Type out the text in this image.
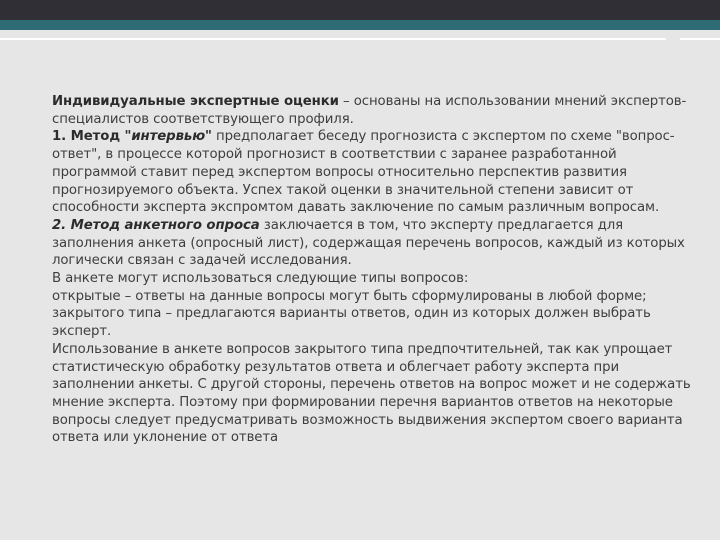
Индивидуальные экспертные оценки – основаны на использовании мнений экспертов-специалистов соответствующего профиля.

1. Метод "интервью" предполагает беседу прогнозиста с экспертом по схеме "вопрос-ответ", в процессе которой прогнозист в соответствии с заранее разработанной программой ставит перед экспертом вопросы относительно перспектив развития прогнозируемого объекта. Успех такой оценки в значительной степени зависит от способности эксперта экспромтом давать заключение по самым различным вопросам.

2. Метод анкетного опроса заключается в том, что эксперту предлагается для заполнения анкета (опросный лист), содержащая перечень вопросов, каждый из которых логически связан с задачей исследования.

В анкете могут использоваться следующие типы вопросов:

открытые – ответы на данные вопросы могут быть сформулированы в любой форме;

закрытого типа – предлагаются варианты ответов, один из которых должен выбрать эксперт.

Использование в анкете вопросов закрытого типа предпочтительней, так как упрощает статистическую обработку результатов ответа и облегчает работу эксперта при заполнении анкеты. С другой стороны, перечень ответов на вопрос может и не содержать мнение эксперта. Поэтому при формировании перечня вариантов ответов на некоторые вопросы следует предусматривать возможность выдвижения экспертом своего варианта ответа или уклонение от ответа
